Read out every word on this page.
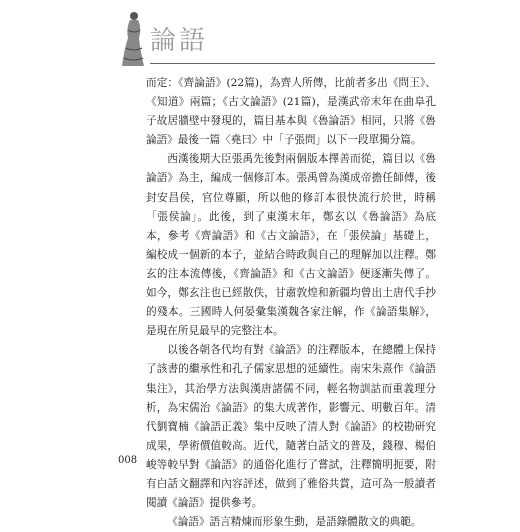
論語

而定：《齊論語》(22篇)，為齊人所傳，比前者多出《問王》、《知道》兩篇；《古文論語》(21篇)，是漢武帝末年在曲阜孔子故居牆壁中發現的，篇目基本與《魯論語》相同，只將《魯論語》最後一篇〈堯曰〉中「子張問」以下一段單獨分篇。

西漢後期大臣張禹先後對兩個版本擇善而從，篇目以《魯論語》為主，編成一個修訂本。張禹曾為漢成帝擔任師傅，後封安昌侯，官位尊顯，所以他的修訂本很快流行於世，時稱「張侯論」。此後，到了東漢末年，鄭玄以《魯論語》為底本，參考《齊論語》和《古文論語》，在「張侯論」基礎上，編校成一個新的本子，並結合時政與自己的理解加以注釋。鄭玄的注本流傳後，《齊論語》和《古文論語》便逐漸失傳了。如今，鄭玄注也已經散佚，甘肅敦煌和新疆均曾出土唐代手抄的殘本。三國時人何晏彙集漢魏各家注解，作《論語集解》，是現在所見最早的完整注本。

以後各朝各代均有對《論語》的注釋版本，在總體上保持了該書的繼承性和孔子儒家思想的延續性。南宋朱熹作《論語集注》，其治學方法與漢唐諸儒不同，輕名物訓詁而重義理分析，為宋儒治《論語》的集大成著作，影響元、明數百年。清代劉寶楠《論語正義》集中反映了清人對《論語》的校勘研究成果，學術價值較高。近代，隨著白話文的普及，錢穆、楊伯峻等較早對《論語》的通俗化進行了嘗試，注釋簡明扼要，附有白話文翻譯和內容評述，做到了雅俗共賞，這可為一般讀者閱讀《論語》提供參考。

《論語》語言精煉而形象生動，是語錄體散文的典範。

008
